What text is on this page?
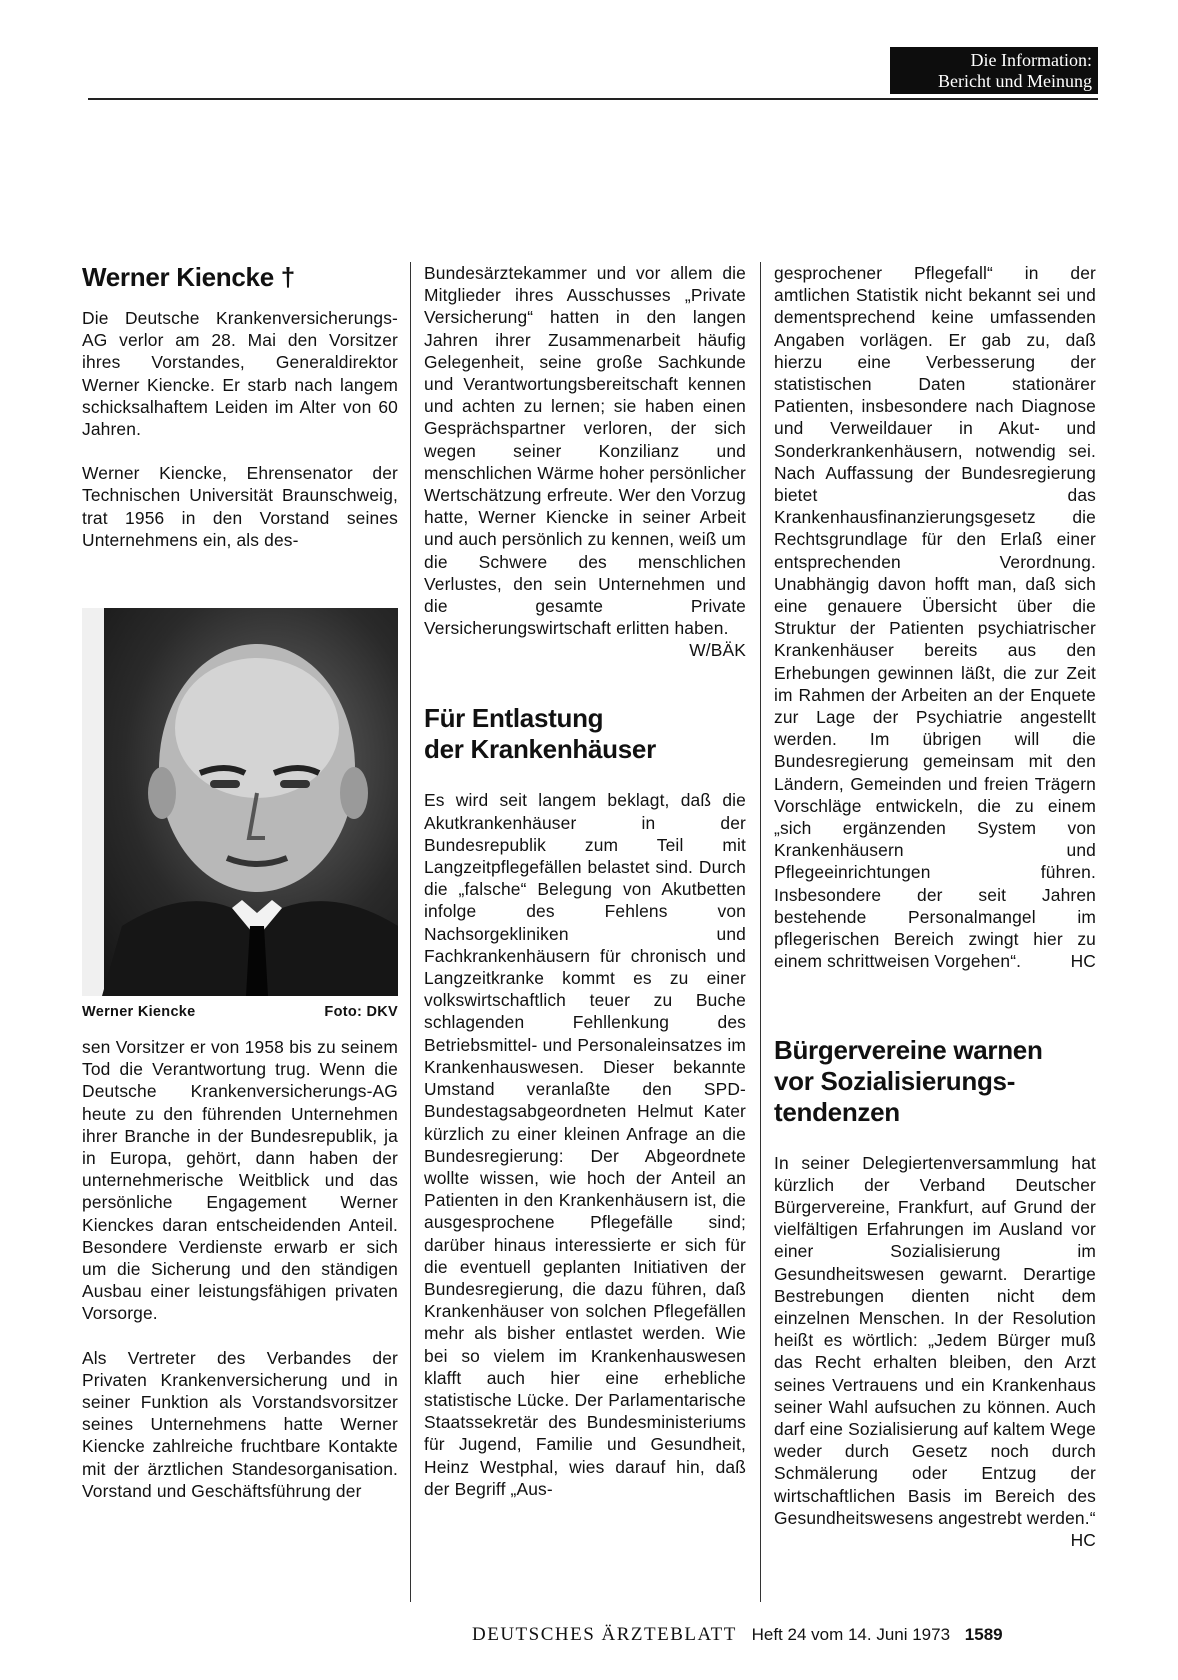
Die Information:
Bericht und Meinung
Werner Kiencke †

Die Deutsche Krankenversicherungs-AG verlor am 28. Mai den Vorsitzer ihres Vorstandes, Generaldirektor Werner Kiencke. Er starb nach langem schicksalhaftem Leiden im Alter von 60 Jahren.

Werner Kiencke, Ehrensenator der Technischen Universität Braunschweig, trat 1956 in den Vorstand seines Unternehmens ein, als des-

Werner Kiencke	Foto: DKV

sen Vorsitzer er von 1958 bis zu seinem Tod die Verantwortung trug. Wenn die Deutsche Krankenversicherungs-AG heute zu den führenden Unternehmen ihrer Branche in der Bundesrepublik, ja in Europa, gehört, dann haben der unternehmerische Weitblick und das persönliche Engagement Werner Kienckes daran entscheidenden Anteil. Besondere Verdienste erwarb er sich um die Sicherung und den ständigen Ausbau einer leistungsfähigen privaten Vorsorge.

Als Vertreter des Verbandes der Privaten Krankenversicherung und in seiner Funktion als Vorstandsvorsitzer seines Unternehmens hatte Werner Kiencke zahlreiche fruchtbare Kontakte mit der ärztlichen Standesorganisation. Vorstand und Geschäftsführung der

Bundesärztekammer und vor allem die Mitglieder ihres Ausschusses „Private Versicherung“ hatten in den langen Jahren ihrer Zusammenarbeit häufig Gelegenheit, seine große Sachkunde und Verantwortungsbereitschaft kennen und achten zu lernen; sie haben einen Gesprächspartner verloren, der sich wegen seiner Konzilianz und menschlichen Wärme hoher persönlicher Wertschätzung erfreute. Wer den Vorzug hatte, Werner Kiencke in seiner Arbeit und auch persönlich zu kennen, weiß um die Schwere des menschlichen Verlustes, den sein Unternehmen und die gesamte Private Versicherungswirtschaft erlitten haben.
W/BÄK

Für Entlastung
der Krankenhäuser

Es wird seit langem beklagt, daß die Akutkrankenhäuser in der Bundesrepublik zum Teil mit Langzeitpflegefällen belastet sind. Durch die „falsche“ Belegung von Akutbetten infolge des Fehlens von Nachsorgekliniken und Fachkrankenhäusern für chronisch und Langzeitkranke kommt es zu einer volkswirtschaftlich teuer zu Buche schlagenden Fehllenkung des Betriebsmittel- und Personaleinsatzes im Krankenhauswesen. Dieser bekannte Umstand veranlaßte den SPD-Bundestagsabgeordneten Helmut Kater kürzlich zu einer kleinen Anfrage an die Bundesregierung: Der Abgeordnete wollte wissen, wie hoch der Anteil an Patienten in den Krankenhäusern ist, die ausgesprochene Pflegefälle sind; darüber hinaus interessierte er sich für die eventuell geplanten Initiativen der Bundesregierung, die dazu führen, daß Krankenhäuser von solchen Pflegefällen mehr als bisher entlastet werden. Wie bei so vielem im Krankenhauswesen klafft auch hier eine erhebliche statistische Lücke. Der Parlamentarische Staatssekretär des Bundesministeriums für Jugend, Familie und Gesundheit, Heinz Westphal, wies darauf hin, daß der Begriff „Aus-

gesprochener Pflegefall“ in der amtlichen Statistik nicht bekannt sei und dementsprechend keine umfassenden Angaben vorlägen. Er gab zu, daß hierzu eine Verbesserung der statistischen Daten stationärer Patienten, insbesondere nach Diagnose und Verweildauer in Akut- und Sonderkrankenhäusern, notwendig sei. Nach Auffassung der Bundesregierung bietet das Krankenhausfinanzierungsgesetz die Rechtsgrundlage für den Erlaß einer entsprechenden Verordnung. Unabhängig davon hofft man, daß sich eine genauere Übersicht über die Struktur der Patienten psychiatrischer Krankenhäuser bereits aus den Erhebungen gewinnen läßt, die zur Zeit im Rahmen der Arbeiten an der Enquete zur Lage der Psychiatrie angestellt werden. Im übrigen will die Bundesregierung gemeinsam mit den Ländern, Gemeinden und freien Trägern Vorschläge entwickeln, die zu einem „sich ergänzenden System von Krankenhäusern und Pflegeeinrichtungen führen. Insbesondere der seit Jahren bestehende Personalmangel im pflegerischen Bereich zwingt hier zu einem schrittweisen Vorgehen“.	HC

Bürgervereine warnen
vor Sozialisierungs-
tendenzen

In seiner Delegiertenversammlung hat kürzlich der Verband Deutscher Bürgervereine, Frankfurt, auf Grund der vielfältigen Erfahrungen im Ausland vor einer Sozialisierung im Gesundheitswesen gewarnt. Derartige Bestrebungen dienten nicht dem einzelnen Menschen. In der Resolution heißt es wörtlich: „Jedem Bürger muß das Recht erhalten bleiben, den Arzt seines Vertrauens und ein Krankenhaus seiner Wahl aufsuchen zu können. Auch darf eine Sozialisierung auf kaltem Wege weder durch Gesetz noch durch Schmälerung oder Entzug der wirtschaftlichen Basis im Bereich des Gesundheitswesens angestrebt werden.“
HC

DEUTSCHES ÄRZTEBLATT Heft 24 vom 14. Juni 1973 1589
